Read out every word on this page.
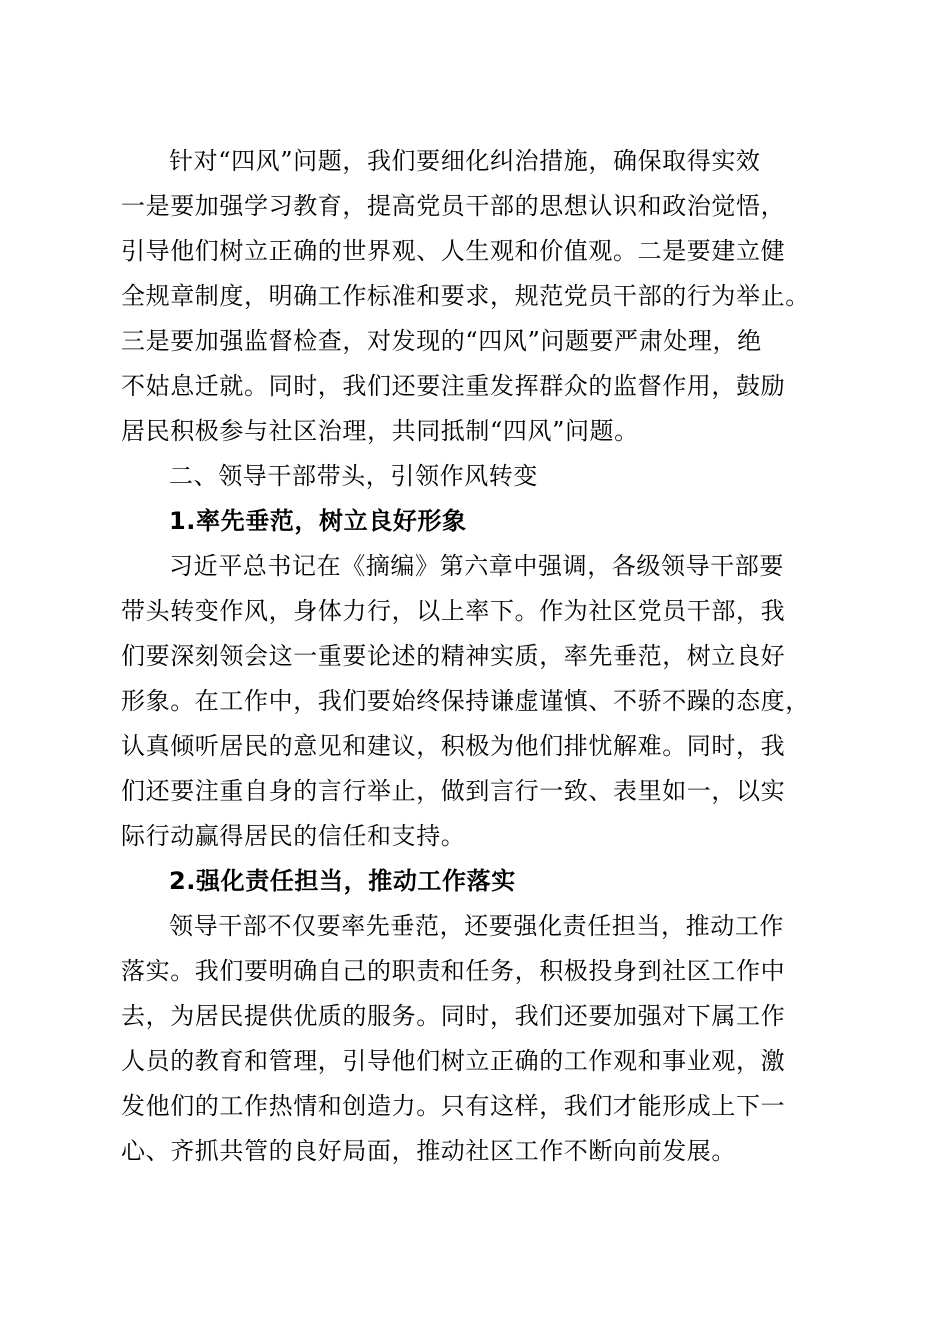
针对“四风”问题，我们要细化纠治措施，确保取得实效
一是要加强学习教育，提高党员干部的思想认识和政治觉悟，
引导他们树立正确的世界观、人生观和价值观。二是要建立健
全规章制度，明确工作标准和要求，规范党员干部的行为举止。
三是要加强监督检查，对发现的“四风”问题要严肃处理，绝
不姑息迁就。同时，我们还要注重发挥群众的监督作用，鼓励
居民积极参与社区治理，共同抵制“四风”问题。
二、领导干部带头，引领作风转变
1.率先垂范，树立良好形象
习近平总书记在《摘编》第六章中强调，各级领导干部要
带头转变作风，身体力行，以上率下。作为社区党员干部，我
们要深刻领会这一重要论述的精神实质，率先垂范，树立良好
形象。在工作中，我们要始终保持谦虚谨慎、不骄不躁的态度，
认真倾听居民的意见和建议，积极为他们排忧解难。同时，我
们还要注重自身的言行举止，做到言行一致、表里如一，以实
际行动赢得居民的信任和支持。
2.强化责任担当，推动工作落实
领导干部不仅要率先垂范，还要强化责任担当，推动工作
落实。我们要明确自己的职责和任务，积极投身到社区工作中
去，为居民提供优质的服务。同时，我们还要加强对下属工作
人员的教育和管理，引导他们树立正确的工作观和事业观，激
发他们的工作热情和创造力。只有这样，我们才能形成上下一
心、齐抓共管的良好局面，推动社区工作不断向前发展。
